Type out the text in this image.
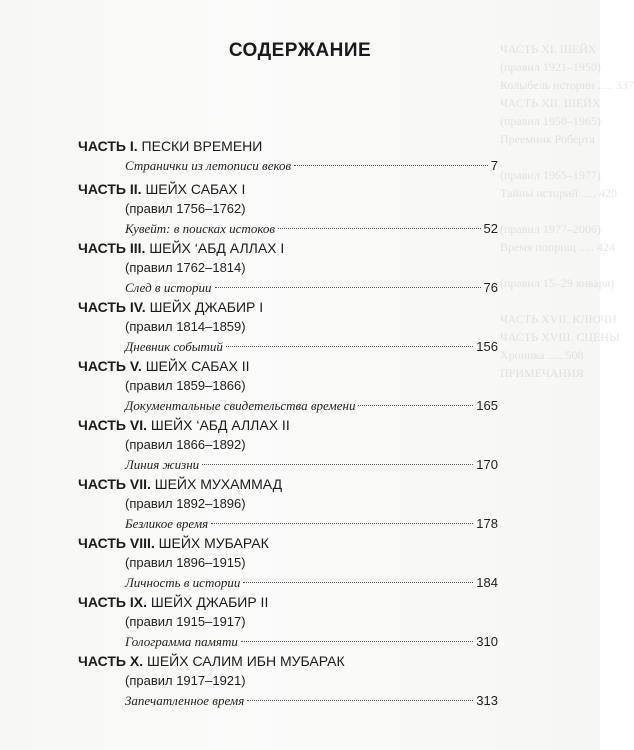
ЧАСТЬ XI. ШЕЙХ
(правил 1921–1950)
Колыбель истории ..... 337
ЧАСТЬ XII. ШЕЙХ
(правил 1950–1965)
Преемник Роберта

(правил 1965–1977)
Тайны историй ..... 420

(правил 1977–2006)
Время поприщ ..... 424

(правил 15–29 января)

ЧАСТЬ XVII. КЛЮЧИ
ЧАСТЬ XVIII. СЦЕНЫ
Хроника ..... 508
ПРИМЕЧАНИЯ
СОДЕРЖАНИЕ
ЧАСТЬ I. ПЕСКИ ВРЕМЕНИ
Странички из летописи веков	7
ЧАСТЬ II. ШЕЙХ САБАХ I
(правил 1756–1762)
Кувейт: в поисках истоков	52
ЧАСТЬ III. ШЕЙХ ‘АБД АЛЛАХ I
(правил 1762–1814)
След в истории	76
ЧАСТЬ IV. ШЕЙХ ДЖАБИР I
(правил 1814–1859)
Дневник событий	156
ЧАСТЬ V. ШЕЙХ САБАХ II
(правил 1859–1866)
Документальные свидетельства времени	165
ЧАСТЬ VI. ШЕЙХ ‘АБД АЛЛАХ II
(правил 1866–1892)
Линия жизни	170
ЧАСТЬ VII. ШЕЙХ МУХАММАД
(правил 1892–1896)
Безликое время	178
ЧАСТЬ VIII. ШЕЙХ МУБАРАК
(правил 1896–1915)
Личность в истории	184
ЧАСТЬ IX. ШЕЙХ ДЖАБИР II
(правил 1915–1917)
Голограмма памяти	310
ЧАСТЬ X. ШЕЙХ САЛИМ ИБН МУБАРАК
(правил 1917–1921)
Запечатленное время	313
